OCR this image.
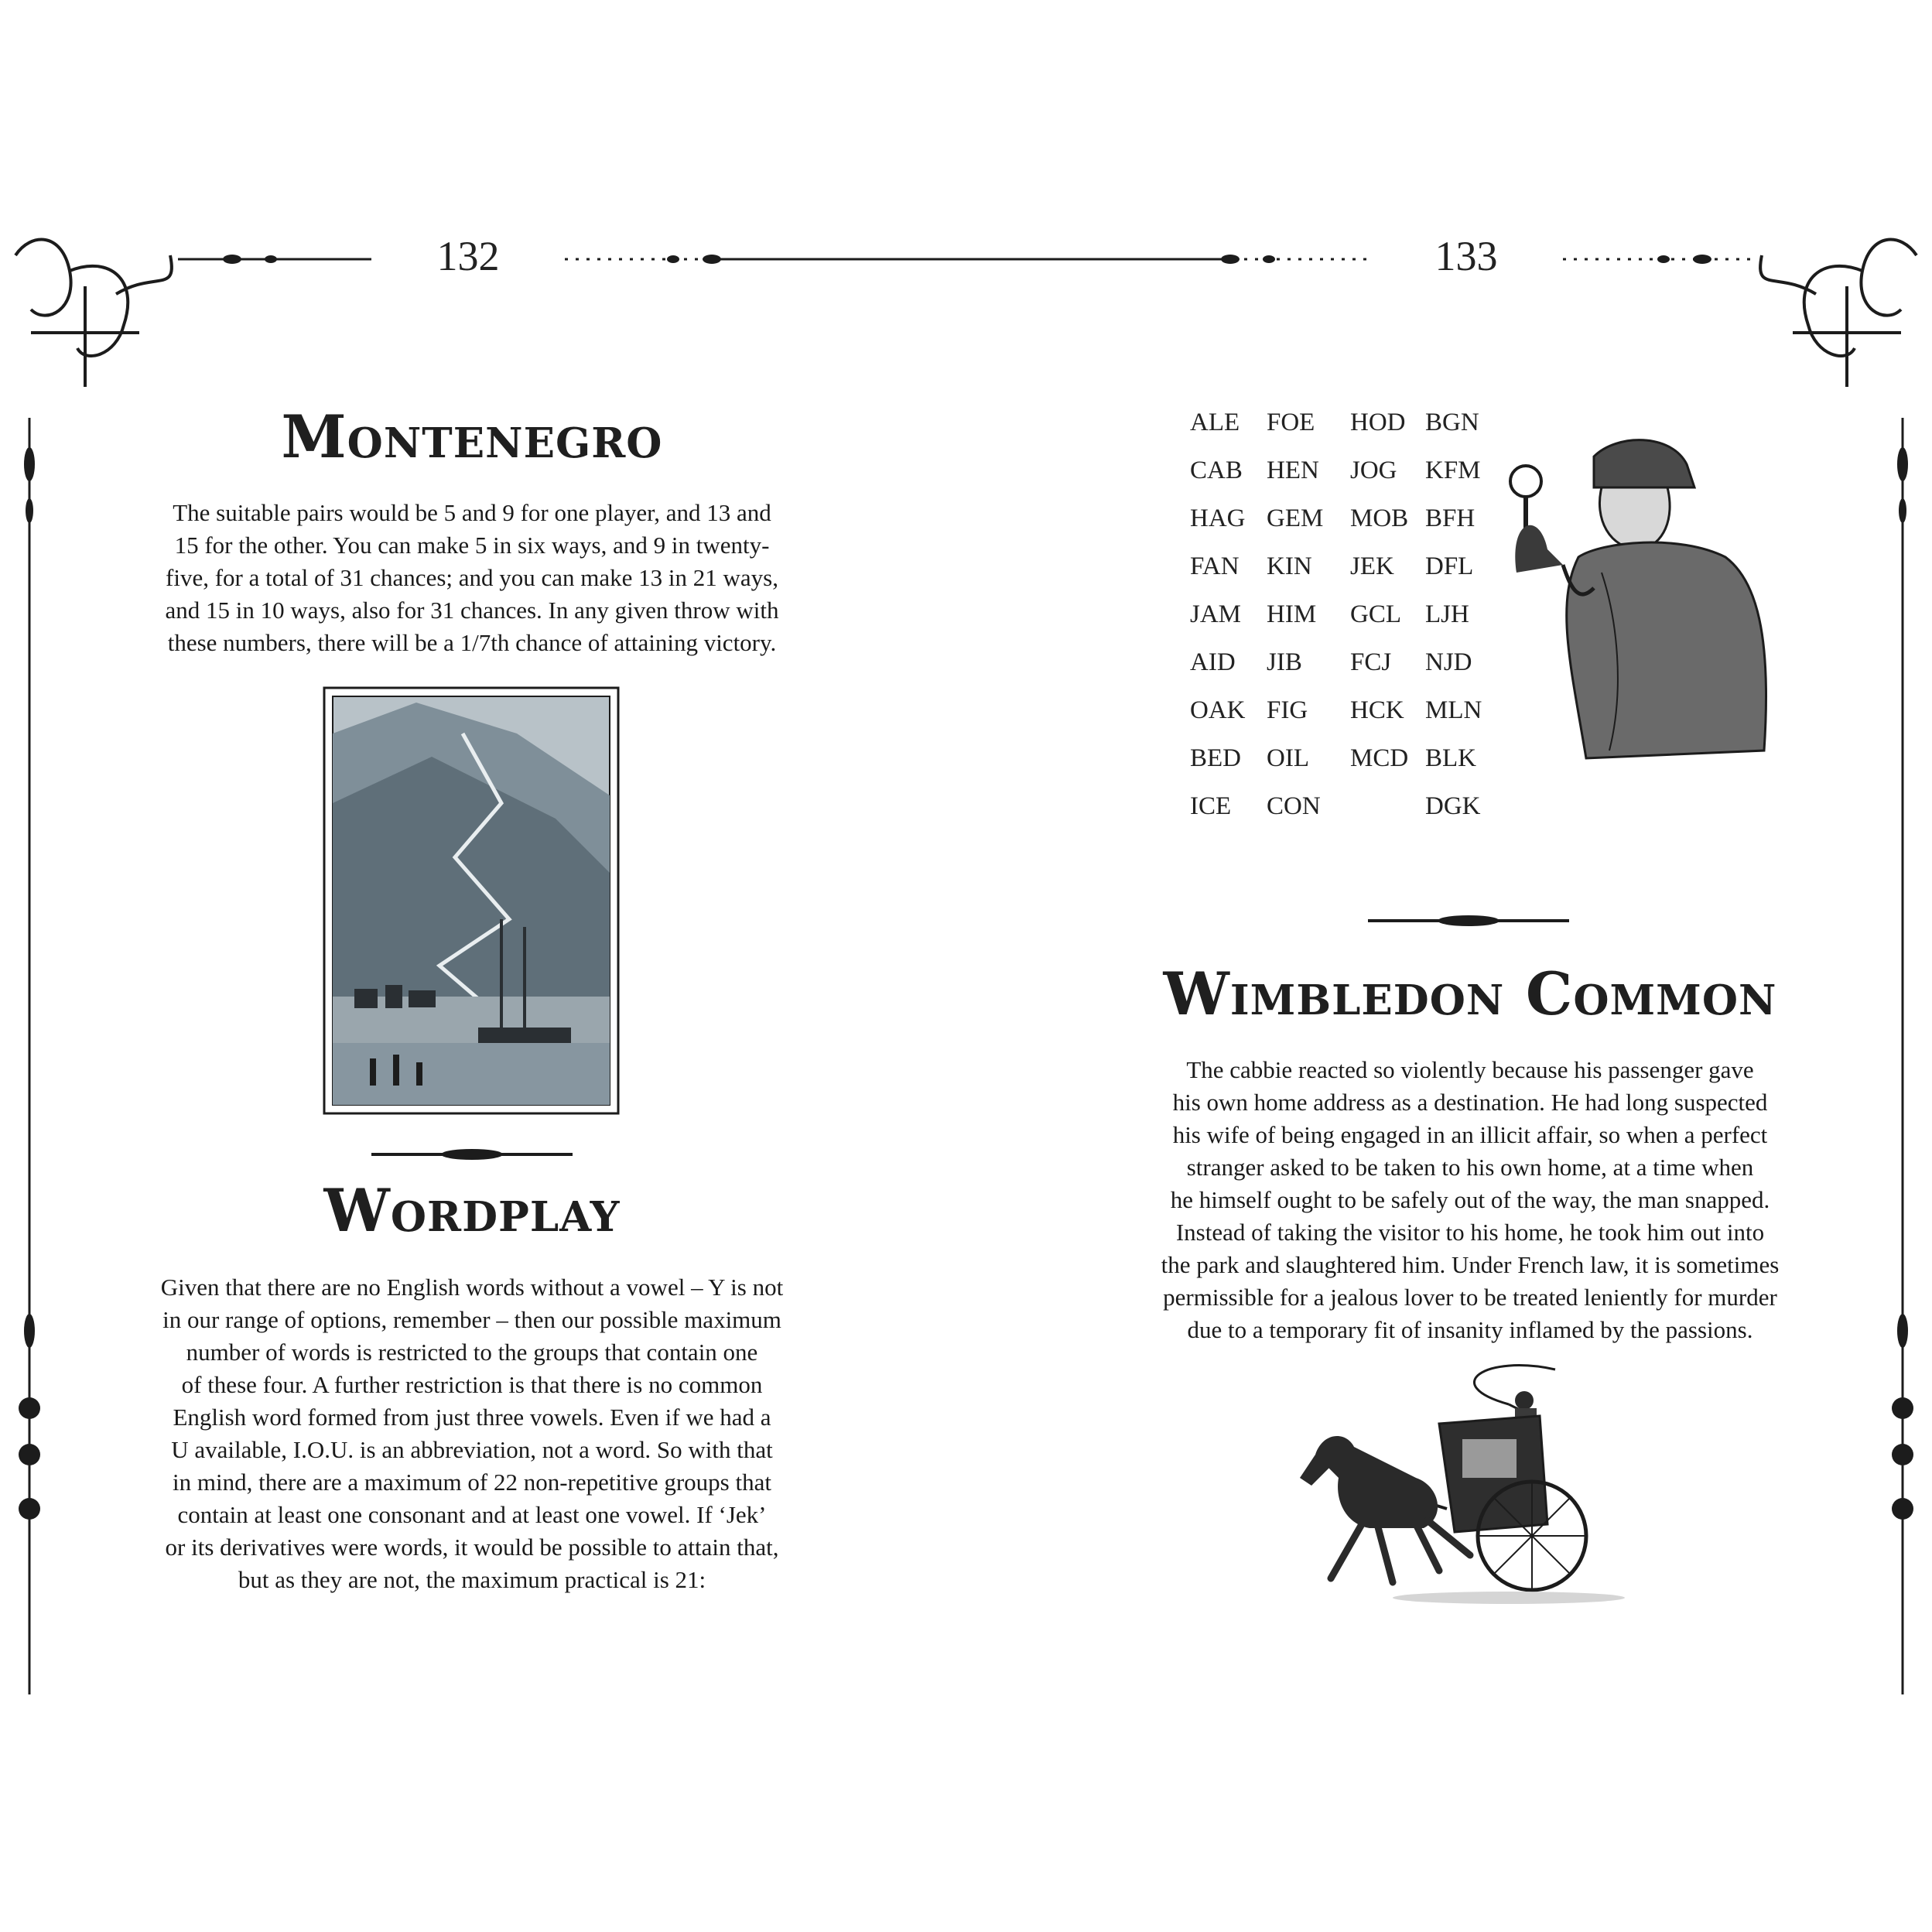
132	133
Montenegro
The suitable pairs would be 5 and 9 for one player, and 13 and
15 for the other. You can make 5 in six ways, and 9 in twenty-
five, for a total of 31 chances; and you can make 13 in 21 ways,
and 15 in 10 ways, also for 31 chances. In any given throw with
these numbers, there will be a 1/7th chance of attaining victory.
Wordplay
Given that there are no English words without a vowel – Y is not
in our range of options, remember – then our possible maximum
number of words is restricted to the groups that contain one
of these four. A further restriction is that there is no common
English word formed from just three vowels. Even if we had a
U available, I.O.U. is an abbreviation, not a word. So with that
in mind, there are a maximum of 22 non-repetitive groups that
contain at least one consonant and at least one vowel. If ‘Jek’
or its derivatives were words, it would be possible to attain that,
but as they are not, the maximum practical is 21:
ALE
CAB
HAG
FAN
JAM
AID
OAK
BED
ICE
FOE
HEN
GEM
KIN
HIM
JIB
FIG
OIL
CON
HOD
JOG
MOB
JEK
GCL
FCJ
HCK
MCD
BGN
KFM
BFH
DFL
LJH
NJD
MLN
BLK
DGK
Wimbledon Common
The cabbie reacted so violently because his passenger gave
his own home address as a destination. He had long suspected
his wife of being engaged in an illicit affair, so when a perfect
stranger asked to be taken to his own home, at a time when
he himself ought to be safely out of the way, the man snapped.
Instead of taking the visitor to his home, he took him out into
the park and slaughtered him. Under French law, it is sometimes
permissible for a jealous lover to be treated leniently for murder
due to a temporary fit of insanity inflamed by the passions.
